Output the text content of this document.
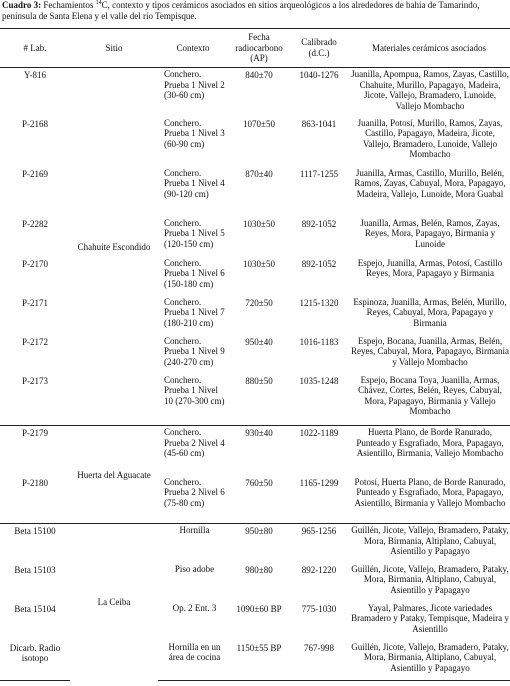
Cuadro 3: Fechamientos $^{14}$C, contexto y tipos cerámicos asociados en sitios arqueológicos a los alrededores de bahía de Tamarindo, península de Santa Elena y el valle del río Tempisque.
# Lab.	Sitio	Contexto	Fecha radiocarbono (AP)	Calibrado (d.C.)	Materiales cerámicos asociados
Y-816	Chahuite Escondido	Conchero. Prueba 1 Nivel 2 (30-60 cm)	840±70	1040-1276	Juanilla, Apompua, Ramos, Zayas, Castillo, Chahuite, Murillo, Papagayo, Madeira, Jicote, Vallejo, Bramadero, Lunoide, Vallejo Mombacho
P-2168		Conchero. Prueba 1 Nivel 3 (60-90 cm)	1070±50	863-1041	Juanilla, Potosí, Murillo, Ramos, Zayas, Castillo, Papagayo, Madeira, Jicote, Vallejo, Bramadero, Lunoide, Vallejo Mombacho
P-2169		Conchero. Prueba 1 Nivel 4 (90-120 cm)	870±40	1117-1255	Juanilla, Armas, Castillo, Murillo, Belén, Ramos, Zayas, Cabuyal, Mora, Papagayo, Madeira, Vallejo, Lunoide, Mora Guabal
P-2282		Conchero. Prueba 1 Nivel 5 (120-150 cm)	1030±50	892-1052	Juanilla, Armas, Belén, Ramos, Zayas, Reyes, Mora, Papagayo, Birmania y Lunoide
P-2170		Conchero. Prueba 1 Nivel 6 (150-180 cm)	1030±50	892-1052	Espejo, Juanilla, Armas, Potosí, Castillo Reyes, Mora, Papagayo y Birmania
P-2171		Conchero. Prueba 1 Nivel 7 (180-210 cm)	720±50	1215-1320	Espinoza, Juanilla, Armas, Belén, Murillo, Reyes, Cabuyal, Mora, Papagayo y Birmania
P-2172		Conchero. Prueba 1 Nivel 9 (240-270 cm)	950±40	1016-1183	Espejo, Bocana, Juanilla, Armas, Belén, Reyes, Cabuyal, Mora, Papagayo, Birmania y Vallejo Mombacho
P-2173		Conchero. Prueba 1 Nivel 10 (270-300 cm)	880±50	1035-1248	Espejo, Bocana Toya, Juanilla, Armas, Chávez, Cortes, Belén, Reyes, Cabuyal, Mora, Papagayo, Birmania y Vallejo Mombacho
P-2179	Huerta del Aguacate	Conchero. Prueba 2 Nivel 4 (45-60 cm)	930±40	1022-1189	Huerta Plano, de Borde Ranurado, Punteado y Esgrafiado, Mora, Papagayo, Asientillo, Birmania, Vallejo Mombacho
P-2180		Conchero. Prueba 2 Nivel 6 (75-80 cm)	760±50	1165-1299	Potosí, Huerta Plano, de Borde Ranurado, Punteado y Esgrafiado, Mora, Papagayo, Asientillo, Birmania y Vallejo Mombacho
Beta 15100	La Ceiba	Hornilla	950±80	965-1256	Guillén, Jicote, Vallejo, Bramadero, Pataky, Mora, Birmania, Altiplano, Cabuyal, Asientillo y Papagayo
Beta 15103		Piso adobe	980±80	892-1220	Guillén, Jicote, Vallejo, Bramadero, Pataky, Mora, Birmania, Altiplano, Cabuyal, Asientillo y Papagayo
Beta 15104		Op. 2 Ent. 3	1090±60 BP	775-1030	Yayal, Palmares, Jicote variedades Bramadero y Pataky, Tempisque, Madeira y Asientillo
Dicarb. Radio isotopo		Hornilla en un área de cocina	1150±55 BP	767-998	Guillén, Jicote, Vallejo, Bramadero, Pataky, Mora, Birmania, Altiplano, Cabuyal, Asientillo y Papagayo
